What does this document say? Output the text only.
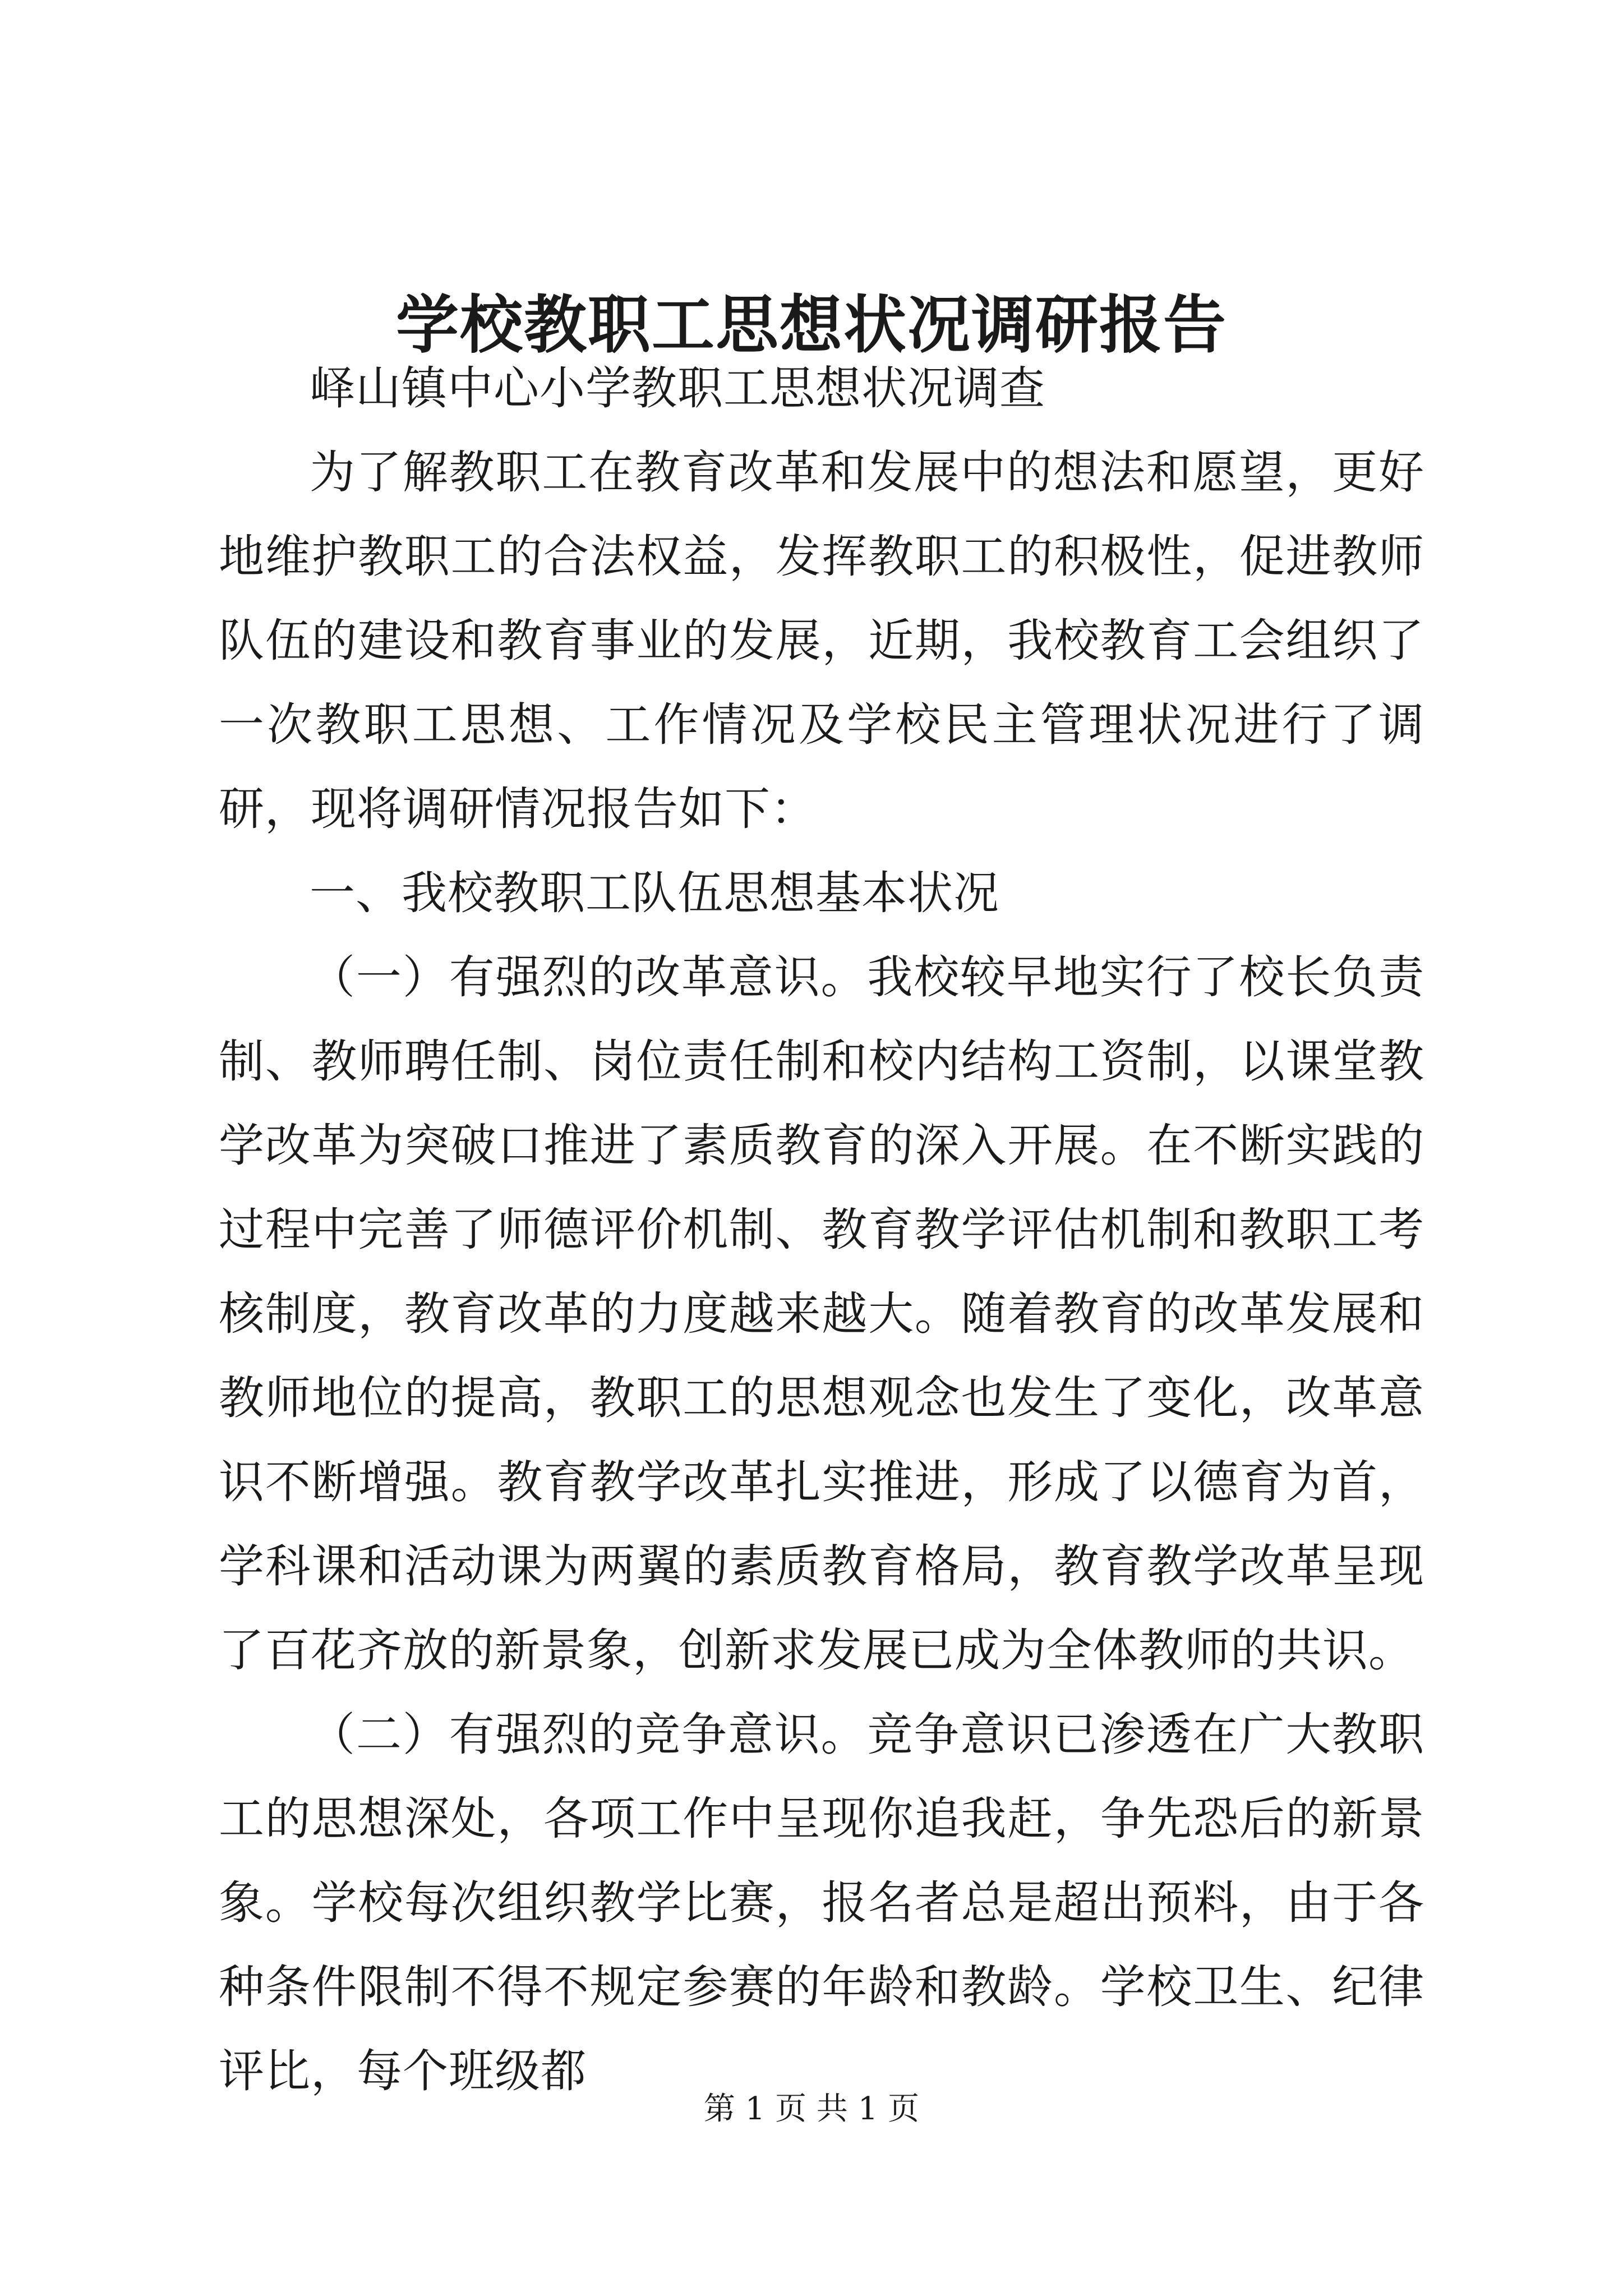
学校教职工思想状况调研报告

峄山镇中心小学教职工思想状况调查

为了解教职工在教育改革和发展中的想法和愿望，更好地维护教职工的合法权益，发挥教职工的积极性，促进教师队伍的建设和教育事业的发展，近期，我校教育工会组织了一次教职工思想、工作情况及学校民主管理状况进行了调研，现将调研情况报告如下：

一、我校教职工队伍思想基本状况

（一）有强烈的改革意识。我校较早地实行了校长负责制、教师聘任制、岗位责任制和校内结构工资制，以课堂教学改革为突破口推进了素质教育的深入开展。在不断实践的过程中完善了师德评价机制、教育教学评估机制和教职工考核制度，教育改革的力度越来越大。随着教育的改革发展和教师地位的提高，教职工的思想观念也发生了变化，改革意识不断增强。教育教学改革扎实推进，形成了以德育为首，学科课和活动课为两翼的素质教育格局，教育教学改革呈现了百花齐放的新景象，创新求发展已成为全体教师的共识。

（二）有强烈的竞争意识。竞争意识已渗透在广大教职工的思想深处，各项工作中呈现你追我赶，争先恐后的新景象。学校每次组织教学比赛，报名者总是超出预料，由于各种条件限制不得不规定参赛的年龄和教龄。学校卫生、纪律评比，每个班级都

第 1 页 共 1 页
